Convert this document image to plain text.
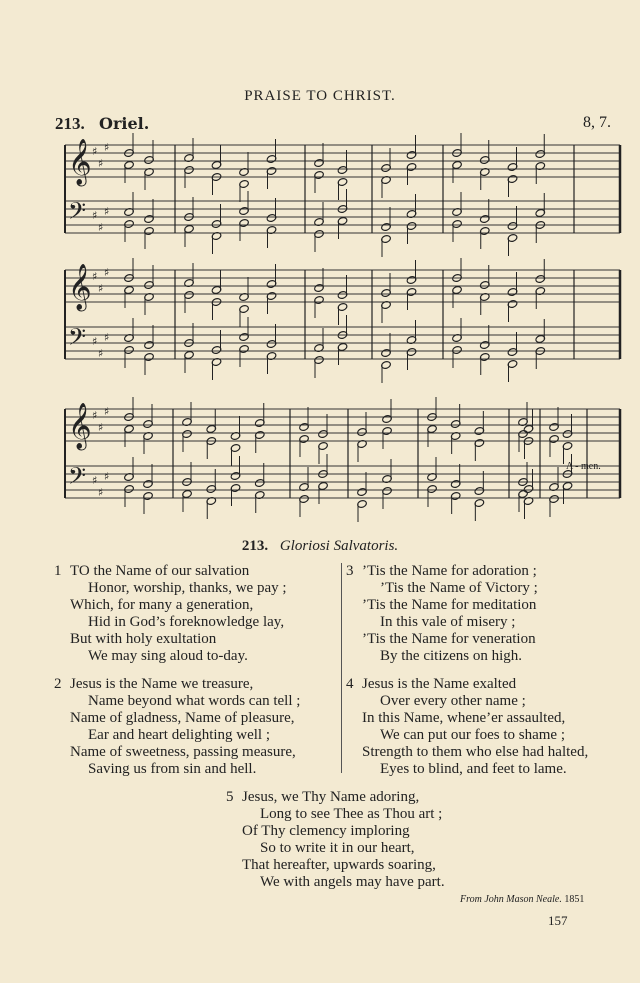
PRAISE TO CHRIST.
213. Oriel.	8, 7.
𝄞 ♯
♯
♯
𝄢 ♯
♯
♯
𝄞 ♯
♯
♯
𝄢 ♯
♯
♯
𝄞 ♯
♯
♯
𝄢 ♯
♯
♯
A - men.
213. Gloriosi Salvatoris.
1 TO the Name of our salvation
Honor, worship, thanks, we pay ;
Which, for many a generation,
Hid in God’s foreknowledge lay,
But with holy exultation
We may sing aloud to-day.
2 Jesus is the Name we treasure,
Name beyond what words can tell ;
Name of gladness, Name of pleasure,
Ear and heart delighting well ;
Name of sweetness, passing measure,
Saving us from sin and hell.
3 ’Tis the Name for adoration ;
’Tis the Name of Victory ;
’Tis the Name for meditation
In this vale of misery ;
’Tis the Name for veneration
By the citizens on high.
4 Jesus is the Name exalted
Over every other name ;
In this Name, whene’er assaulted,
We can put our foes to shame ;
Strength to them who else had halted,
Eyes to blind, and feet to lame.
5 Jesus, we Thy Name adoring,
Long to see Thee as Thou art ;
Of Thy clemency imploring
So to write it in our heart,
That hereafter, upwards soaring,
We with angels may have part.
From John Mason Neale. 1851
157
